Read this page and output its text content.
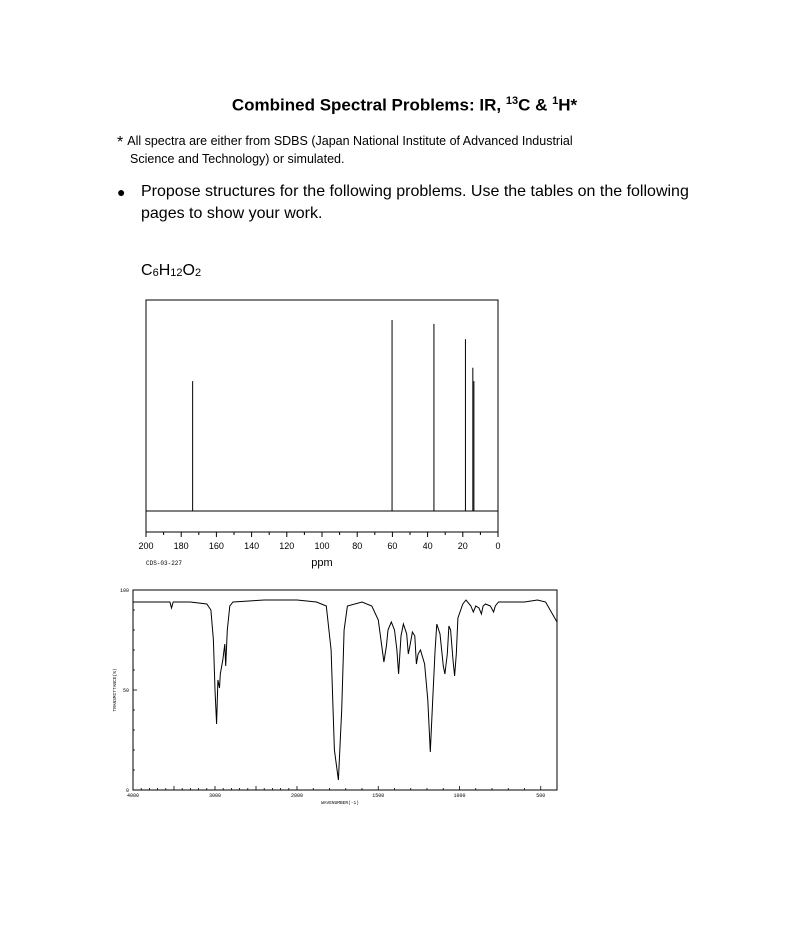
Combined Spectral Problems: IR, $^{13}$C & $^1$H*
* All spectra are either from SDBS (Japan National Institute of Advanced Industrial
Science and Technology) or simulated.
● Propose structures for the following problems. Use the tables on the following pages to show your work.
$C_6H_{12}O_2$
200 180 160 140 120 100	80	60	40	20	0
ppm
CDS-03-227
100
50
0
4000	3000	2000	1500	1000	500
WAVENUMBER(-1)
TRANSMITTANCE(%)
